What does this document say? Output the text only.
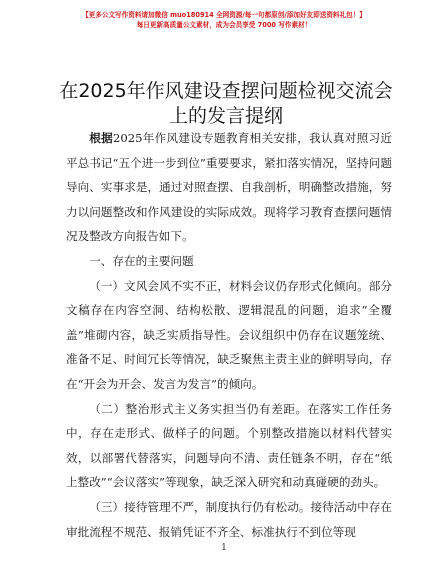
【更多公文写作资料请加微信 muo180914 全网资源/每一句都原创/添加好友即送资料礼包！】
每日更新高质量公文素材，成为会员享受 7000 写作素材！
在2025年作风建设查摆问题检视交流会上的发言提纲

根据2025年作风建设专题教育相关安排，我认真对照习近平总书记“五个进一步到位”重要要求，紧扣落实情况，坚持问题导向、实事求是，通过对照查摆、自我剖析，明确整改措施，努力以问题整改和作风建设的实际成效。现将学习教育查摆问题情况及整改方向报告如下。

一、存在的主要问题

（一）文风会风不实不正，材料会议仍存形式化倾向。部分文稿存在内容空洞、结构松散、逻辑混乱的问题，追求“全覆盖”堆砌内容，缺乏实质指导性。会议组织中仍存在议题笼统、准备不足、时间冗长等情况，缺乏聚焦主责主业的鲜明导向，存在“开会为开会、发言为发言”的倾向。

（二）整治形式主义务实担当仍有差距。在落实工作任务中，存在走形式、做样子的问题。个别整改措施以材料代替实效，以部署代替落实，问题导向不清、责任链条不明，存在“纸上整改”“会议落实”等现象，缺乏深入研究和动真碰硬的劲头。

（三）接待管理不严，制度执行仍有松动。接待活动中存在审批流程不规范、报销凭证不齐全、标准执行不到位等现

1
